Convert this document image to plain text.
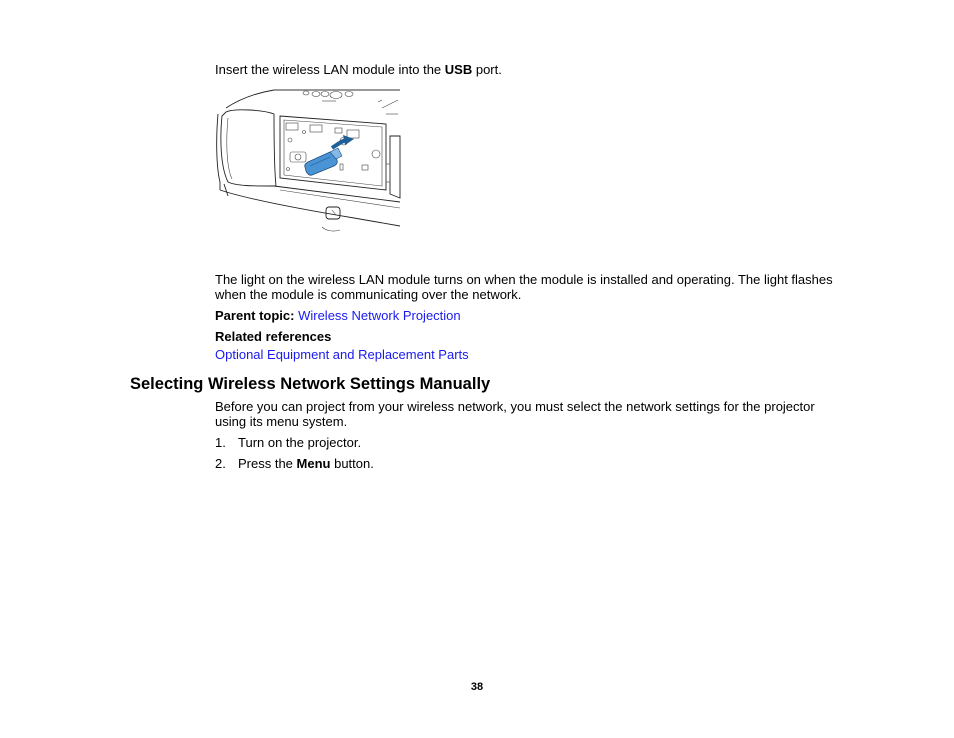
Insert the wireless LAN module into the USB port.
The light on the wireless LAN module turns on when the module is installed and operating. The light flashes when the module is communicating over the network.
Parent topic: Wireless Network Projection
Related references
Optional Equipment and Replacement Parts
Selecting Wireless Network Settings Manually
Before you can project from your wireless network, you must select the network settings for the projector using its menu system.
1. Turn on the projector.
2. Press the Menu button.
38
